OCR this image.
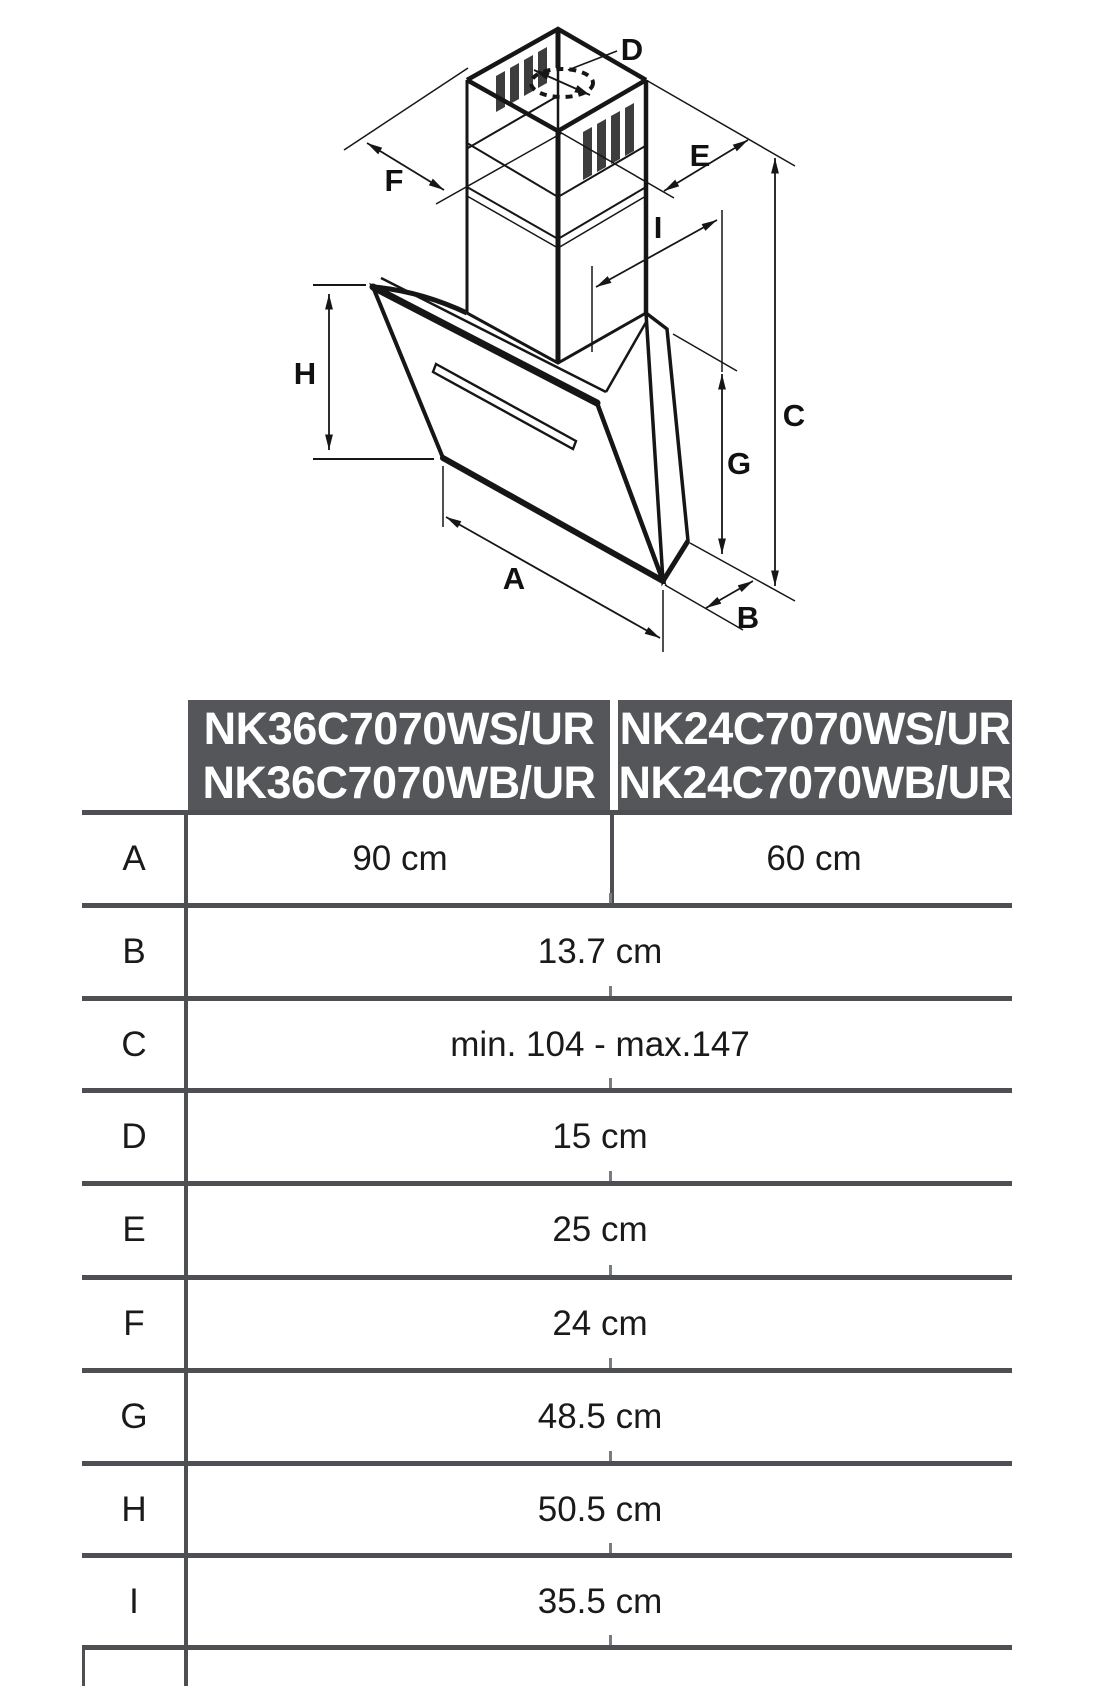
D
F
E
C
I
G
H
A
B
NK36C7070WS/UR
NK36C7070WB/UR
NK24C7070WS/UR
NK24C7070WB/UR
A
B
C
D
E
F
G
H
I
90 cm	60 cm
13.7 cm
min. 104 - max.147
15 cm
25 cm
24 cm
48.5 cm
50.5 cm
35.5 cm
